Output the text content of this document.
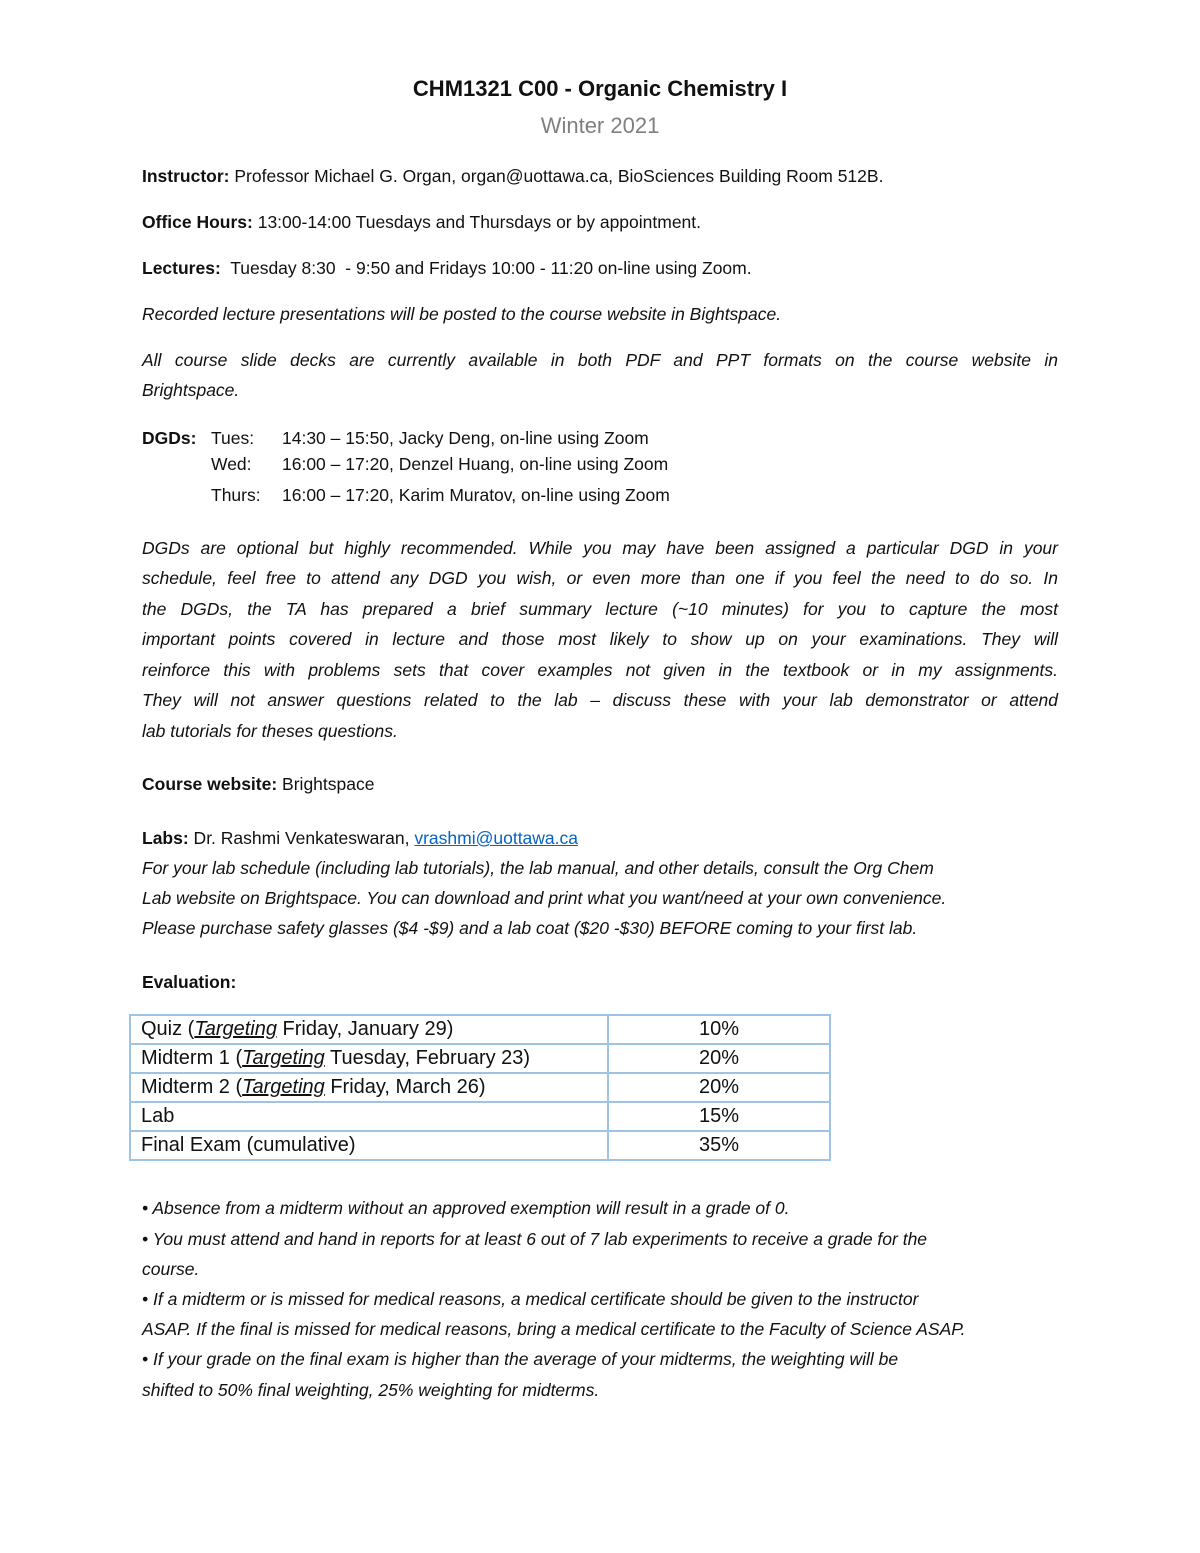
CHM1321 C00 - Organic Chemistry I
Winter 2021
Instructor: Professor Michael G. Organ, organ@uottawa.ca, BioSciences Building Room 512B.
Office Hours: 13:00-14:00 Tuesdays and Thursdays or by appointment.
Lectures:  Tuesday 8:30  - 9:50 and Fridays 10:00 - 11:20 on-line using Zoom.
Recorded lecture presentations will be posted to the course website in Bightspace.
All course slide decks are currently available in both PDF and PPT formats on the course website in
Brightspace.
DGDs: Tues: 14:30 – 15:50, Jacky Deng, on-line using Zoom
Wed: 16:00 – 17:20, Denzel Huang, on-line using Zoom
Thurs: 16:00 – 17:20, Karim Muratov, on-line using Zoom
DGDs are optional but highly recommended. While you may have been assigned a particular DGD in your
schedule, feel free to attend any DGD you wish, or even more than one if you feel the need to do so. In
the DGDs, the TA has prepared a brief summary lecture (~10 minutes) for you to capture the most
important points covered in lecture and those most likely to show up on your examinations. They will
reinforce this with problems sets that cover examples not given in the textbook or in my assignments.
They will not answer questions related to the lab – discuss these with your lab demonstrator or attend
lab tutorials for theses questions.
Course website: Brightspace
Labs: Dr. Rashmi Venkateswaran, vrashmi@uottawa.ca
For your lab schedule (including lab tutorials), the lab manual, and other details, consult the Org Chem
Lab website on Brightspace. You can download and print what you want/need at your own convenience.
Please purchase safety glasses ($4 -$9) and a lab coat ($20 -$30) BEFORE coming to your first lab.
Evaluation:
Quiz (Targeting Friday, January 29)	10%
Midterm 1 (Targeting Tuesday, February 23)	20%
Midterm 2 (Targeting Friday, March 26)	20%
Lab	15%
Final Exam (cumulative)	35%
• Absence from a midterm without an approved exemption will result in a grade of 0.
• You must attend and hand in reports for at least 6 out of 7 lab experiments to receive a grade for the
course.
• If a midterm or is missed for medical reasons, a medical certificate should be given to the instructor
ASAP. If the final is missed for medical reasons, bring a medical certificate to the Faculty of Science ASAP.
• If your grade on the final exam is higher than the average of your midterms, the weighting will be
shifted to 50% final weighting, 25% weighting for midterms.
